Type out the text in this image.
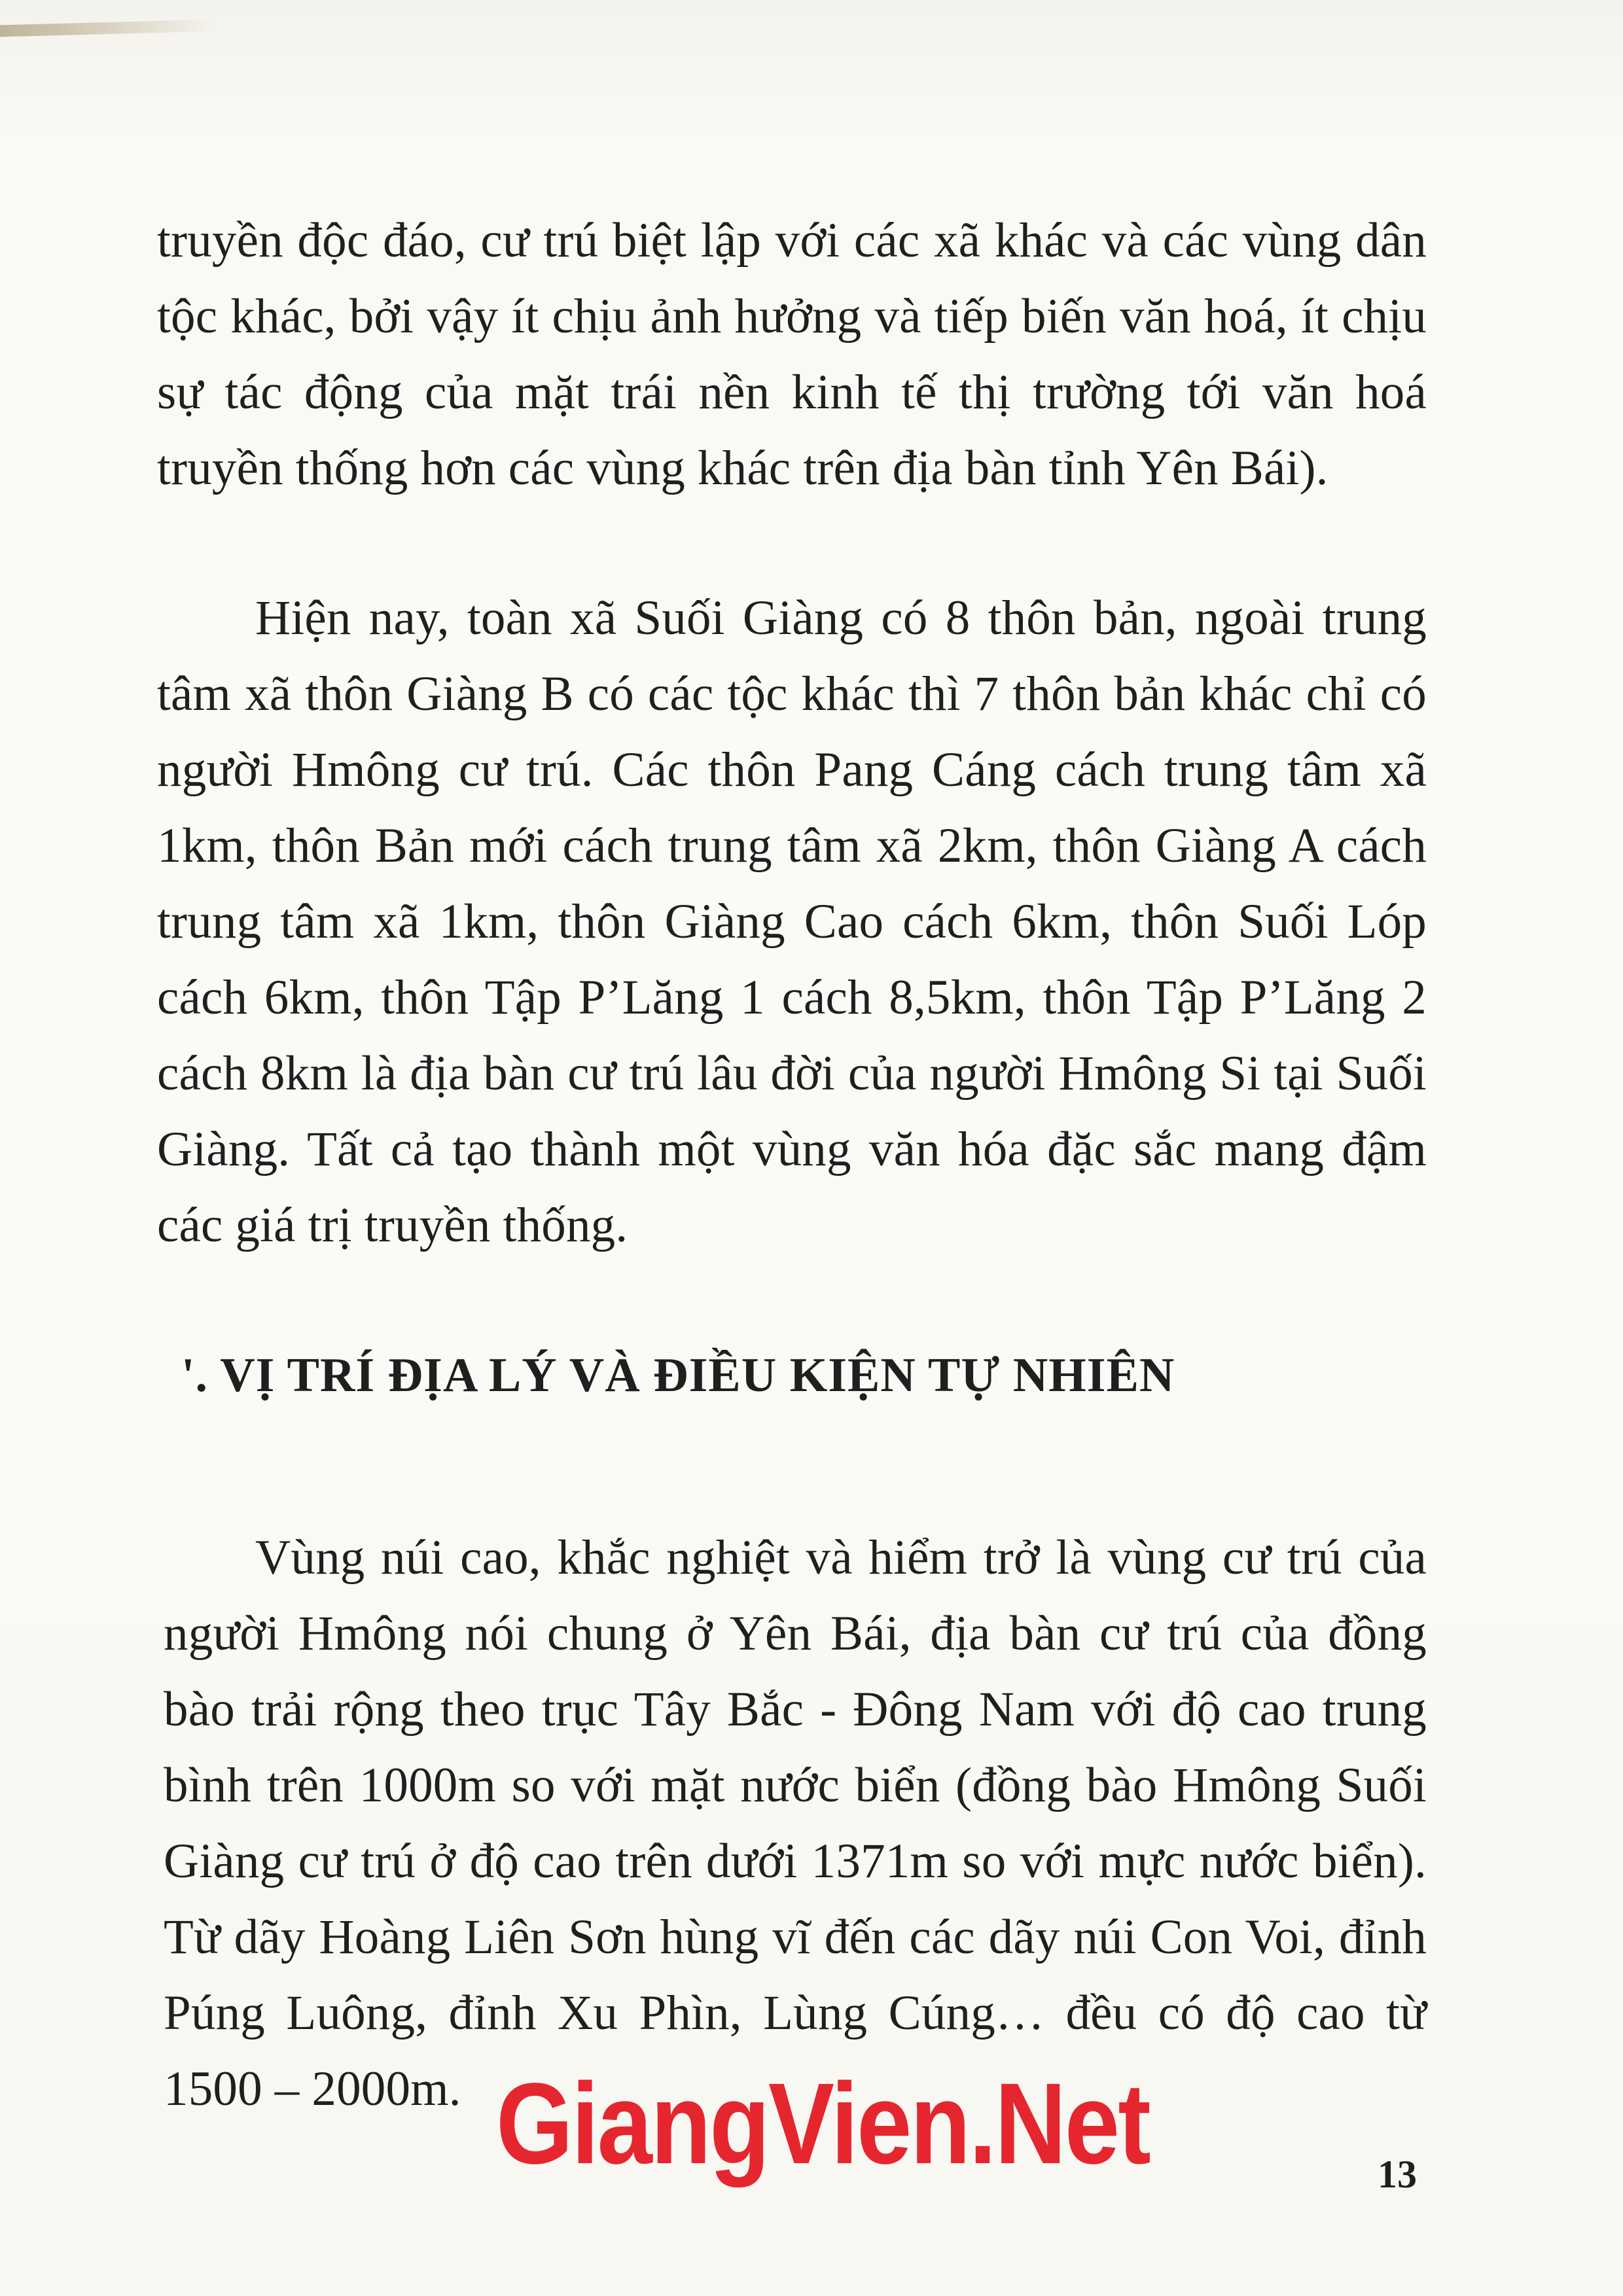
truyền độc đáo, cư trú biệt lập với các xã khác và các vùng dân tộc khác, bởi vậy ít chịu ảnh hưởng và tiếp biến văn hoá, ít chịu sự tác động của mặt trái nền kinh tế thị trường tới văn hoá truyền thống hơn các vùng khác trên địa bàn tỉnh Yên Bái).

Hiện nay, toàn xã Suối Giàng có 8 thôn bản, ngoài trung tâm xã thôn Giàng B có các tộc khác thì 7 thôn bản khác chỉ có người Hmông cư trú. Các thôn Pang Cáng cách trung tâm xã 1km, thôn Bản mới cách trung tâm xã 2km, thôn Giàng A cách trung tâm xã 1km, thôn Giàng Cao cách 6km, thôn Suối Lóp cách 6km, thôn Tập P’Lăng 1 cách 8,5km, thôn Tập P’Lăng 2 cách 8km là địa bàn cư trú lâu đời của người Hmông Si tại Suối Giàng. Tất cả tạo thành một vùng văn hóa đặc sắc mang đậm các giá trị truyền thống.

'. VỊ TRÍ ĐỊA LÝ VÀ ĐIỀU KIỆN TỰ NHIÊN

Vùng núi cao, khắc nghiệt và hiểm trở là vùng cư trú của người Hmông nói chung ở Yên Bái, địa bàn cư trú của đồng bào trải rộng theo trục Tây Bắc - Đông Nam với độ cao trung bình trên 1000m so với mặt nước biển (đồng bào Hmông Suối Giàng cư trú ở độ cao trên dưới 1371m so với mực nước biển). Từ dãy Hoàng Liên Sơn hùng vĩ đến các dãy núi Con Voi, đỉnh Púng Luông, đỉnh Xu Phìn, Lùng Cúng… đều có độ cao từ 1500 – 2000m. GiangVien.Net	13
